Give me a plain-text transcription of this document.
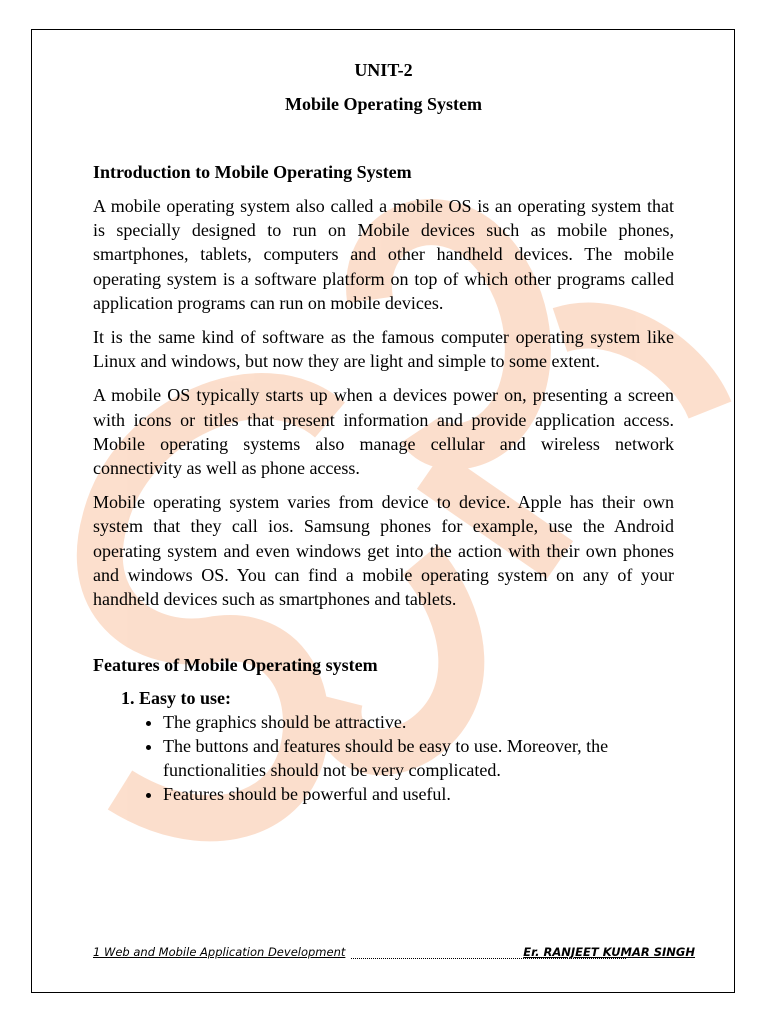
UNIT-2

Mobile Operating System

Introduction to Mobile Operating System

A mobile operating system also called a mobile OS is an operating system that is specially designed to run on Mobile devices such as mobile phones, smartphones, tablets, computers and other handheld devices. The mobile operating system is a software platform on top of which other programs called application programs can run on mobile devices.

It is the same kind of software as the famous computer operating system like Linux and windows, but now they are light and simple to some extent.

A mobile OS typically starts up when a devices power on, presenting a screen with icons or titles that present information and provide application access. Mobile operating systems also manage cellular and wireless network connectivity as well as phone access.

Mobile operating system varies from device to device. Apple has their own system that they call ios. Samsung phones for example, use the Android operating system and even windows get into the action with their own phones and windows OS. You can find a mobile operating system on any of your handheld devices such as smartphones and tablets.

Features of Mobile Operating system
1. Easy to use:
• The graphics should be attractive.
• The buttons and features should be easy to use. Moreover, the functionalities should not be very complicated.
• Features should be powerful and useful.
1 Web and Mobile Application Development	Er. RANJEET KUMAR SINGH
